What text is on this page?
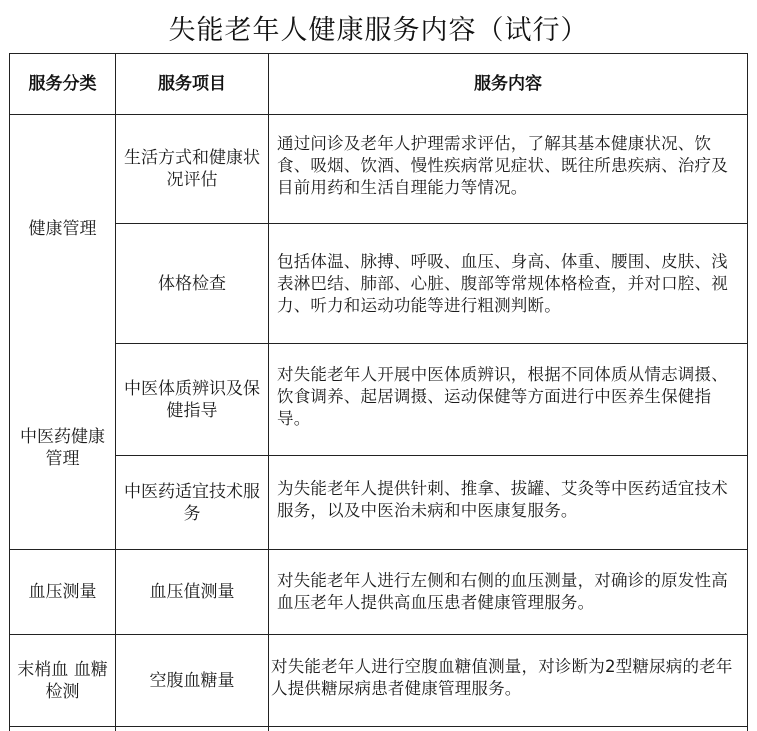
失能老年人健康服务内容（试行）
服务分类	服务项目	服务内容
健康管理
中医药健康管理
血压测量
末梢血 血糖检测
生活方式和健康状况评估
体格检查
中医体质辨识及保健指导
中医药适宜技术服务
血压值测量
空腹血糖量
通过问诊及老年人护理需求评估，了解其基本健康状况、饮食、吸烟、饮酒、慢性疾病常见症状、既往所患疾病、治疗及目前用药和生活自理能力等情况。
包括体温、脉搏、呼吸、血压、身高、体重、腰围、皮肤、浅表淋巴结、肺部、心脏、腹部等常规体格检查，并对口腔、视力、听力和运动功能等进行粗测判断。
对失能老年人开展中医体质辨识，根据不同体质从情志调摄、饮食调养、起居调摄、运动保健等方面进行中医养生保健指导。
为失能老年人提供针刺、推拿、拔罐、艾灸等中医药适宜技术服务，以及中医治未病和中医康复服务。
对失能老年人进行左侧和右侧的血压测量，对确诊的原发性高血压老年人提供高血压患者健康管理服务。
对失能老年人进行空腹血糖值测量，对诊断为2型糖尿病的老年人提供糖尿病患者健康管理服务。
